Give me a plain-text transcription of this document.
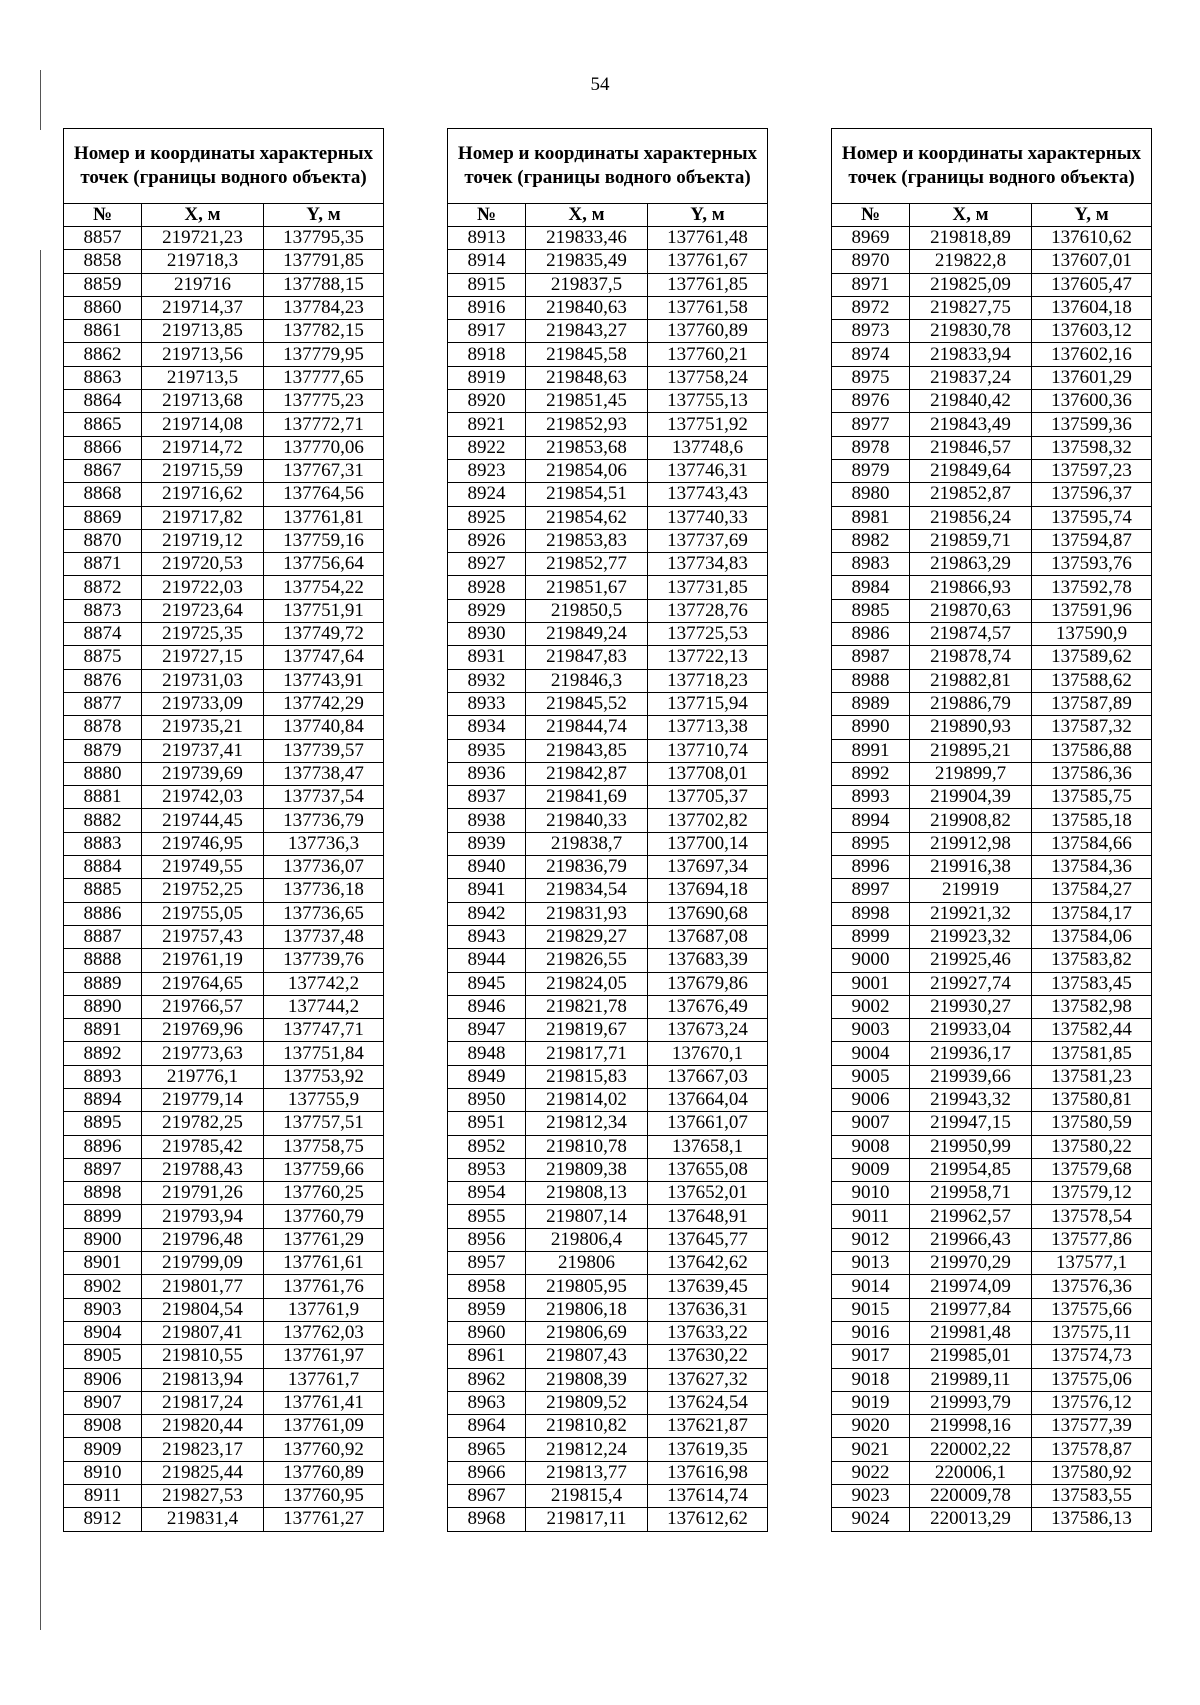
54
Номер и координаты характерных точек (границы водного объекта)		
№	X, м	Y, м
8857	219721,23	137795,35
8858	219718,3	137791,85
8859	219716	137788,15
8860	219714,37	137784,23
8861	219713,85	137782,15
8862	219713,56	137779,95
8863	219713,5	137777,65
8864	219713,68	137775,23
8865	219714,08	137772,71
8866	219714,72	137770,06
8867	219715,59	137767,31
8868	219716,62	137764,56
8869	219717,82	137761,81
8870	219719,12	137759,16
8871	219720,53	137756,64
8872	219722,03	137754,22
8873	219723,64	137751,91
8874	219725,35	137749,72
8875	219727,15	137747,64
8876	219731,03	137743,91
8877	219733,09	137742,29
8878	219735,21	137740,84
8879	219737,41	137739,57
8880	219739,69	137738,47
8881	219742,03	137737,54
8882	219744,45	137736,79
8883	219746,95	137736,3
8884	219749,55	137736,07
8885	219752,25	137736,18
8886	219755,05	137736,65
8887	219757,43	137737,48
8888	219761,19	137739,76
8889	219764,65	137742,2
8890	219766,57	137744,2
8891	219769,96	137747,71
8892	219773,63	137751,84
8893	219776,1	137753,92
8894	219779,14	137755,9
8895	219782,25	137757,51
8896	219785,42	137758,75
8897	219788,43	137759,66
8898	219791,26	137760,25
8899	219793,94	137760,79
8900	219796,48	137761,29
8901	219799,09	137761,61
8902	219801,77	137761,76
8903	219804,54	137761,9
8904	219807,41	137762,03
8905	219810,55	137761,97
8906	219813,94	137761,7
8907	219817,24	137761,41
8908	219820,44	137761,09
8909	219823,17	137760,92
8910	219825,44	137760,89
8911	219827,53	137760,95
8912	219831,4	137761,27
Номер и координаты характерных точек (границы водного объекта)		
№	X, м	Y, м
8913	219833,46	137761,48
8914	219835,49	137761,67
8915	219837,5	137761,85
8916	219840,63	137761,58
8917	219843,27	137760,89
8918	219845,58	137760,21
8919	219848,63	137758,24
8920	219851,45	137755,13
8921	219852,93	137751,92
8922	219853,68	137748,6
8923	219854,06	137746,31
8924	219854,51	137743,43
8925	219854,62	137740,33
8926	219853,83	137737,69
8927	219852,77	137734,83
8928	219851,67	137731,85
8929	219850,5	137728,76
8930	219849,24	137725,53
8931	219847,83	137722,13
8932	219846,3	137718,23
8933	219845,52	137715,94
8934	219844,74	137713,38
8935	219843,85	137710,74
8936	219842,87	137708,01
8937	219841,69	137705,37
8938	219840,33	137702,82
8939	219838,7	137700,14
8940	219836,79	137697,34
8941	219834,54	137694,18
8942	219831,93	137690,68
8943	219829,27	137687,08
8944	219826,55	137683,39
8945	219824,05	137679,86
8946	219821,78	137676,49
8947	219819,67	137673,24
8948	219817,71	137670,1
8949	219815,83	137667,03
8950	219814,02	137664,04
8951	219812,34	137661,07
8952	219810,78	137658,1
8953	219809,38	137655,08
8954	219808,13	137652,01
8955	219807,14	137648,91
8956	219806,4	137645,77
8957	219806	137642,62
8958	219805,95	137639,45
8959	219806,18	137636,31
8960	219806,69	137633,22
8961	219807,43	137630,22
8962	219808,39	137627,32
8963	219809,52	137624,54
8964	219810,82	137621,87
8965	219812,24	137619,35
8966	219813,77	137616,98
8967	219815,4	137614,74
8968	219817,11	137612,62
Номер и координаты характерных точек (границы водного объекта)		
№	X, м	Y, м
8969	219818,89	137610,62
8970	219822,8	137607,01
8971	219825,09	137605,47
8972	219827,75	137604,18
8973	219830,78	137603,12
8974	219833,94	137602,16
8975	219837,24	137601,29
8976	219840,42	137600,36
8977	219843,49	137599,36
8978	219846,57	137598,32
8979	219849,64	137597,23
8980	219852,87	137596,37
8981	219856,24	137595,74
8982	219859,71	137594,87
8983	219863,29	137593,76
8984	219866,93	137592,78
8985	219870,63	137591,96
8986	219874,57	137590,9
8987	219878,74	137589,62
8988	219882,81	137588,62
8989	219886,79	137587,89
8990	219890,93	137587,32
8991	219895,21	137586,88
8992	219899,7	137586,36
8993	219904,39	137585,75
8994	219908,82	137585,18
8995	219912,98	137584,66
8996	219916,38	137584,36
8997	219919	137584,27
8998	219921,32	137584,17
8999	219923,32	137584,06
9000	219925,46	137583,82
9001	219927,74	137583,45
9002	219930,27	137582,98
9003	219933,04	137582,44
9004	219936,17	137581,85
9005	219939,66	137581,23
9006	219943,32	137580,81
9007	219947,15	137580,59
9008	219950,99	137580,22
9009	219954,85	137579,68
9010	219958,71	137579,12
9011	219962,57	137578,54
9012	219966,43	137577,86
9013	219970,29	137577,1
9014	219974,09	137576,36
9015	219977,84	137575,66
9016	219981,48	137575,11
9017	219985,01	137574,73
9018	219989,11	137575,06
9019	219993,79	137576,12
9020	219998,16	137577,39
9021	220002,22	137578,87
9022	220006,1	137580,92
9023	220009,78	137583,55
9024	220013,29	137586,13
